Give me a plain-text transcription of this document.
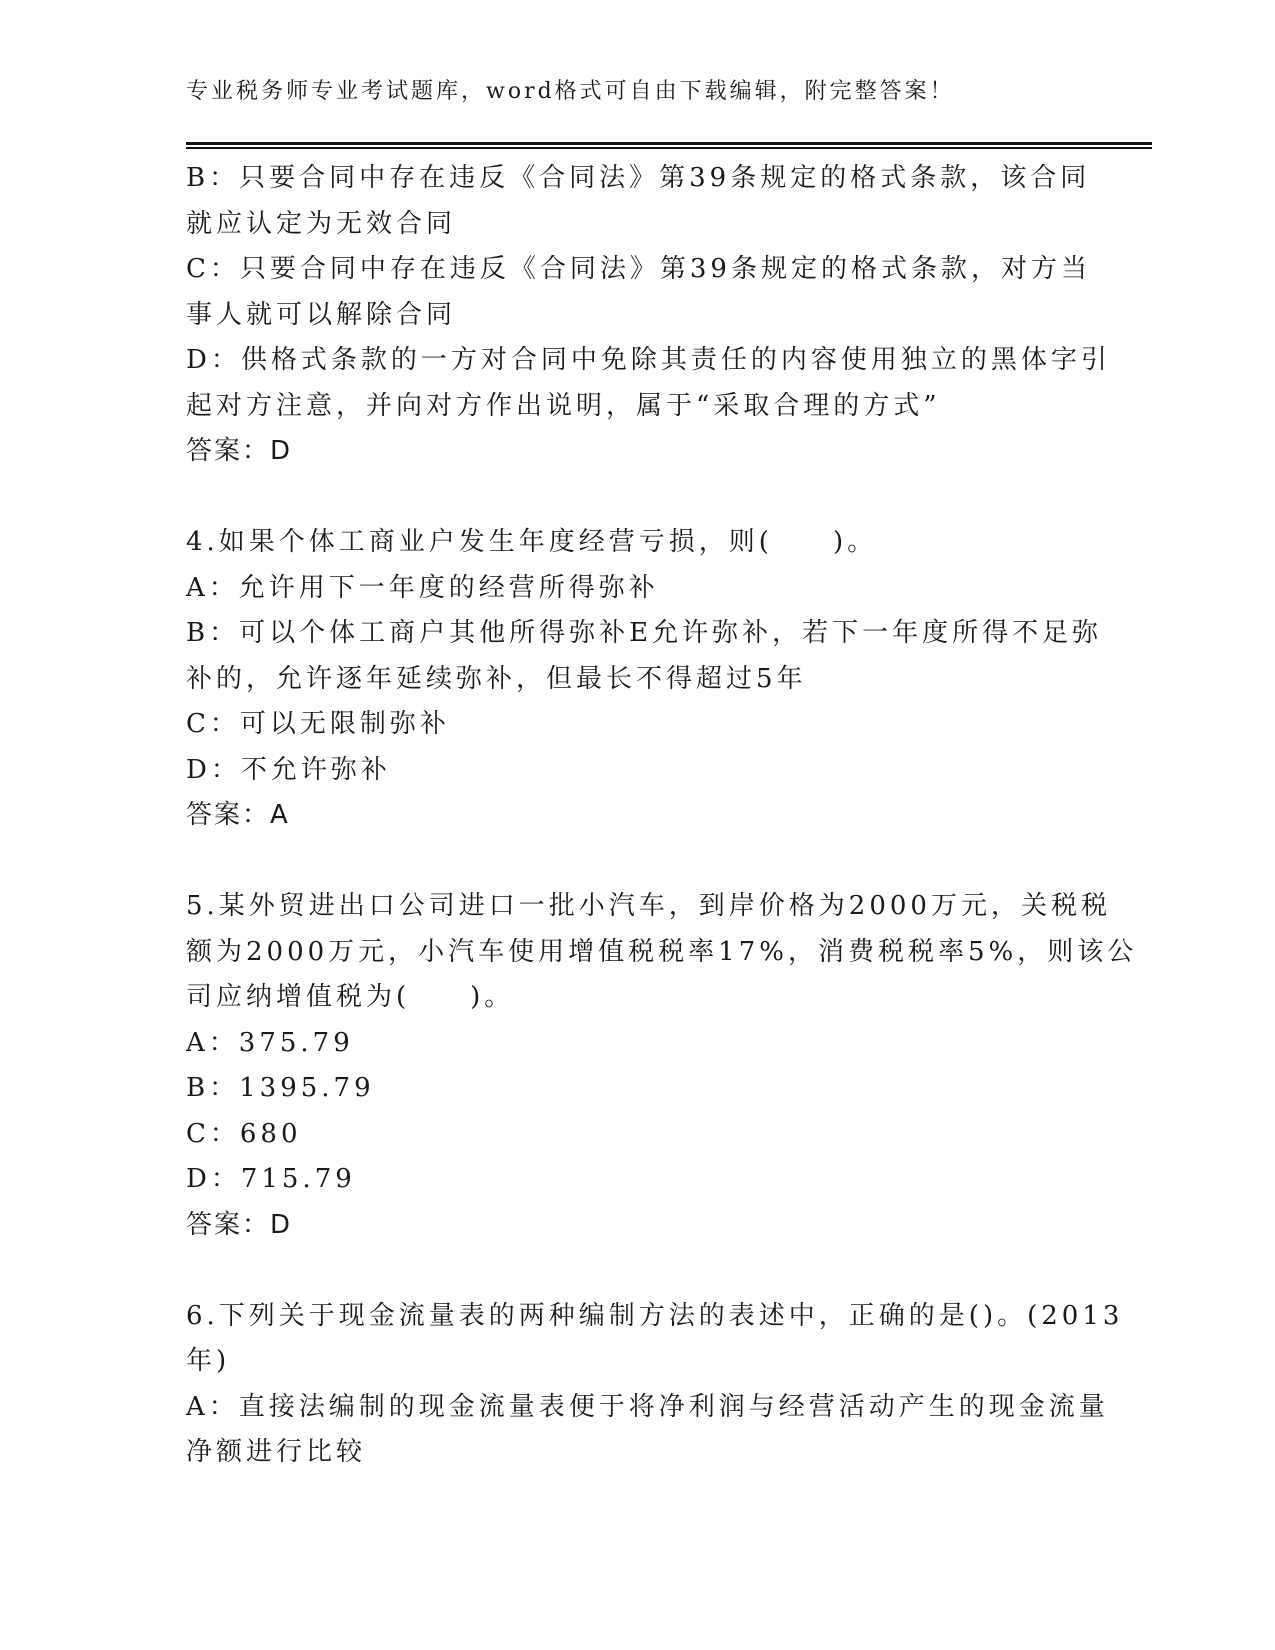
专业税务师专业考试题库，word格式可自由下载编辑，附完整答案！
B：只要合同中存在违反《合同法》第39条规定的格式条款，该合同
就应认定为无效合同
C：只要合同中存在违反《合同法》第39条规定的格式条款，对方当
事人就可以解除合同
D：供格式条款的一方对合同中免除其责任的内容使用独立的黑体字引
起对方注意，并向对方作出说明，属于“采取合理的方式”
答案：D
4.如果个体工商业户发生年度经营亏损，则(　　)。
A：允许用下一年度的经营所得弥补
B：可以个体工商户其他所得弥补E允许弥补，若下一年度所得不足弥
补的，允许逐年延续弥补，但最长不得超过5年
C：可以无限制弥补
D：不允许弥补
答案：A
5.某外贸进出口公司进口一批小汽车，到岸价格为2000万元，关税税
额为2000万元，小汽车使用增值税税率17%，消费税税率5%，则该公
司应纳增值税为(　　)。
A：375.79
B：1395.79
C：680
D：715.79
答案：D
6.下列关于现金流量表的两种编制方法的表述中，正确的是()。(2013
年)
A：直接法编制的现金流量表便于将净利润与经营活动产生的现金流量
净额进行比较
